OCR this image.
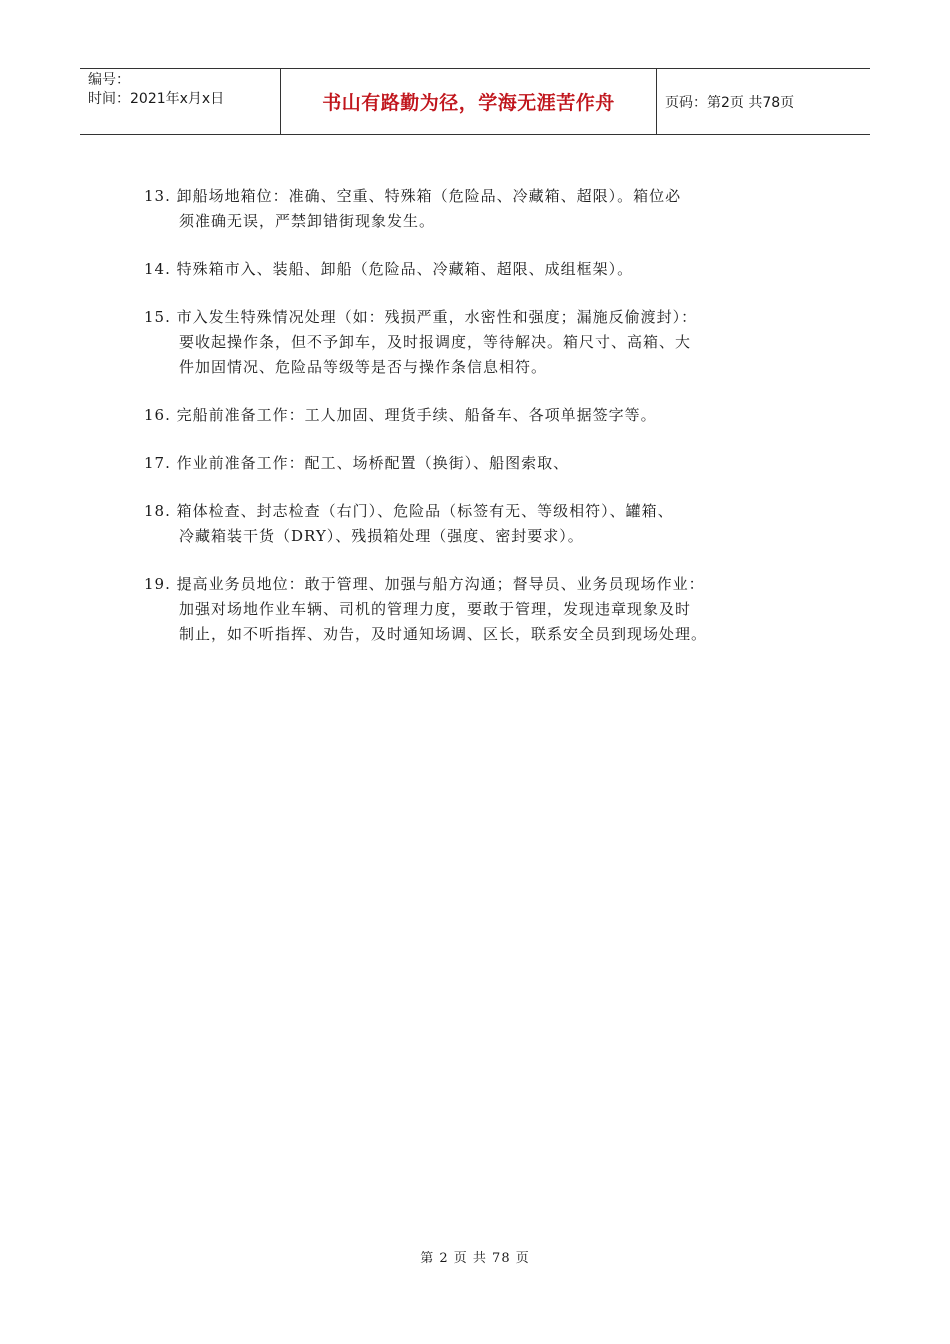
编号：
时间：2021年x月x日	书山有路勤为径，学海无涯苦作舟	页码：第2页 共78页
13. 卸船场地箱位：准确、空重、特殊箱（危险品、冷藏箱、超限）。箱位必
须准确无误，严禁卸错街现象发生。
14. 特殊箱市入、装船、卸船（危险品、冷藏箱、超限、成组框架）。
15. 市入发生特殊情况处理（如：残损严重，水密性和强度；漏施反偷渡封）：
要收起操作条，但不予卸车，及时报调度，等待解决。箱尺寸、高箱、大
件加固情况、危险品等级等是否与操作条信息相符。
16. 完船前准备工作：工人加固、理货手续、船备车、各项单据签字等。
17. 作业前准备工作：配工、场桥配置（换街）、船图索取、
18. 箱体检查、封志检查（右门）、危险品（标签有无、等级相符）、罐箱、
冷藏箱装干货（DRY）、残损箱处理（强度、密封要求）。
19. 提高业务员地位：敢于管理、加强与船方沟通；督导员、业务员现场作业：
加强对场地作业车辆、司机的管理力度，要敢于管理，发现违章现象及时
制止，如不听指挥、劝告，及时通知场调、区长，联系安全员到现场处理。
第 2 页 共 78 页
